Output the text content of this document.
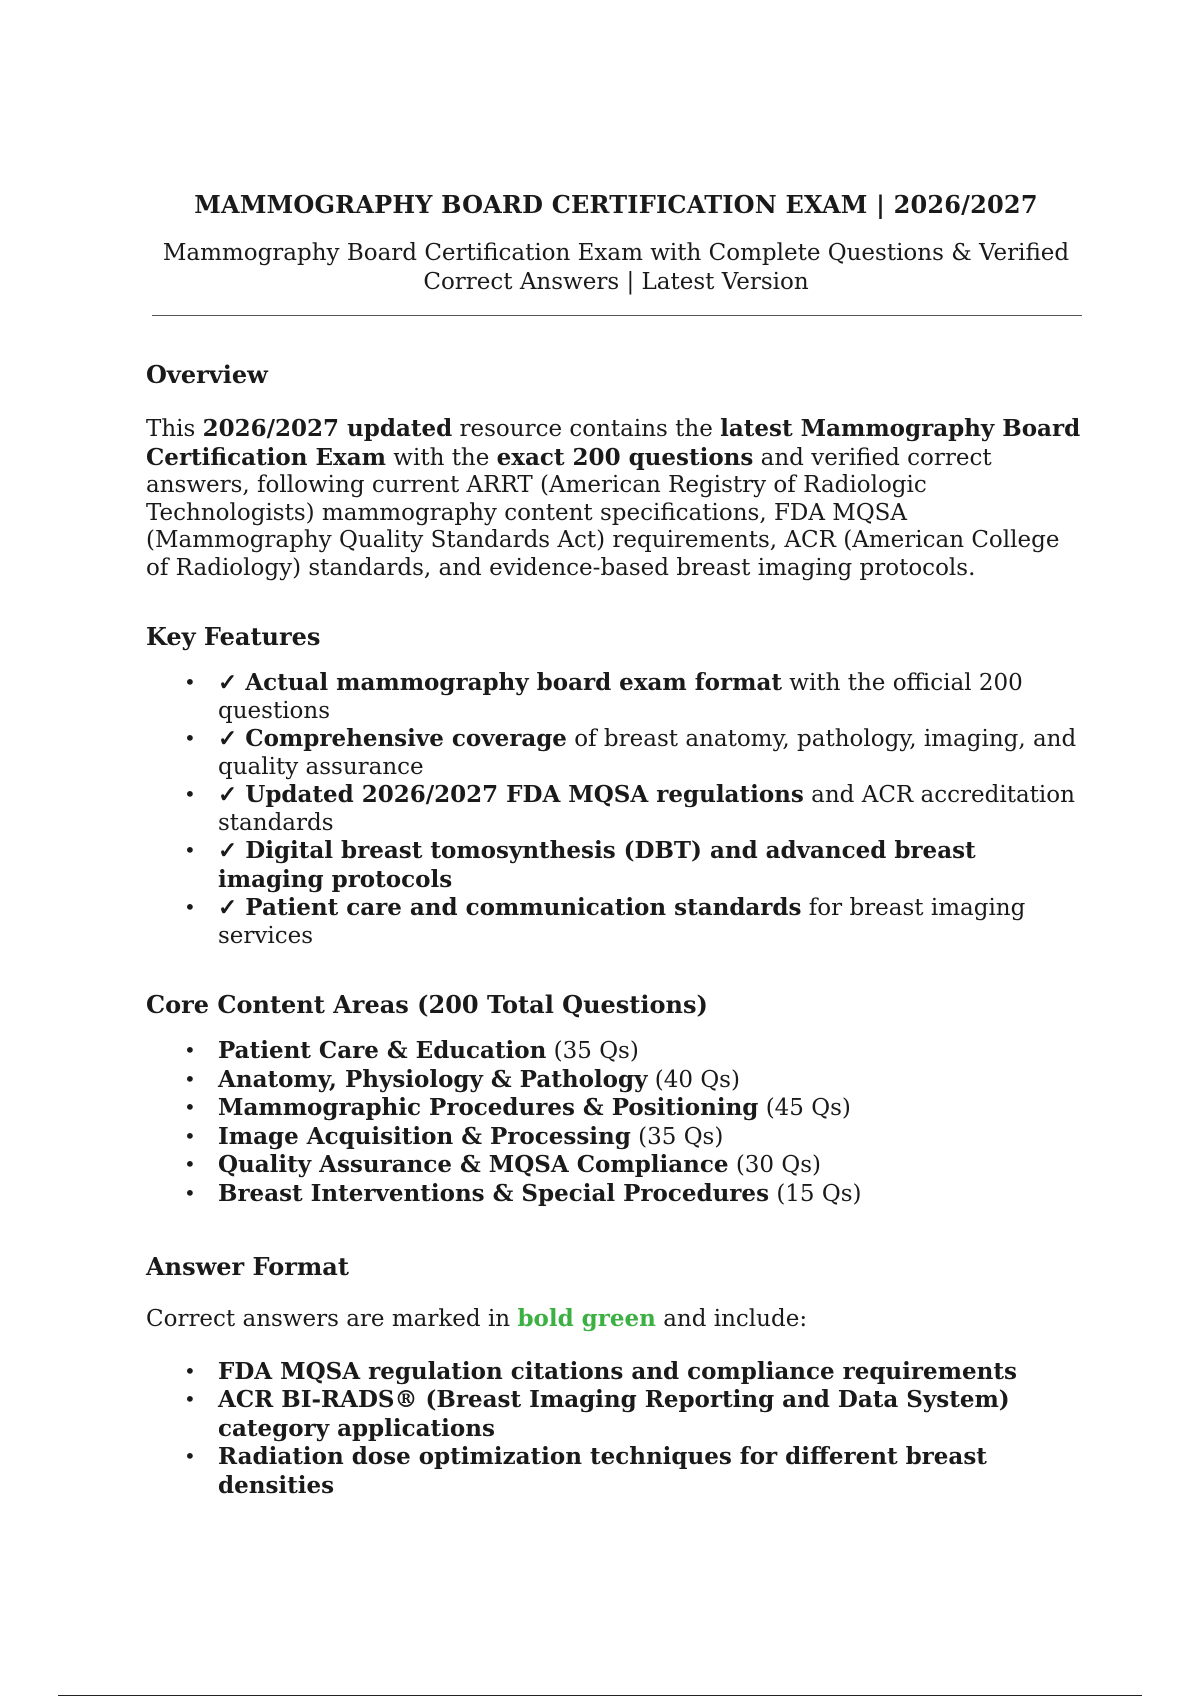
MAMMOGRAPHY BOARD CERTIFICATION EXAM | 2026/2027
Mammography Board Certification Exam with Complete Questions & Verified Correct Answers | Latest Version
Overview

This 2026/2027 updated resource contains the latest Mammography Board Certification Exam with the exact 200 questions and verified correct answers, following current ARRT (American Registry of Radiologic Technologists) mammography content specifications, FDA MQSA (Mammography Quality Standards Act) requirements, ACR (American College of Radiology) standards, and evidence-based breast imaging protocols.

Key Features
• ✓ Actual mammography board exam format with the official 200 questions
• ✓ Comprehensive coverage of breast anatomy, pathology, imaging, and quality assurance
• ✓ Updated 2026/2027 FDA MQSA regulations and ACR accreditation standards
• ✓ Digital breast tomosynthesis (DBT) and advanced breast imaging protocols
• ✓ Patient care and communication standards for breast imaging services
Core Content Areas (200 Total Questions)
• Patient Care & Education (35 Qs)
• Anatomy, Physiology & Pathology (40 Qs)
• Mammographic Procedures & Positioning (45 Qs)
• Image Acquisition & Processing (35 Qs)
• Quality Assurance & MQSA Compliance (30 Qs)
• Breast Interventions & Special Procedures (15 Qs)
Answer Format

Correct answers are marked in bold green and include:

• FDA MQSA regulation citations and compliance requirements
• ACR BI-RADS® (Breast Imaging Reporting and Data System) category applications
• Radiation dose optimization techniques for different breast densities
